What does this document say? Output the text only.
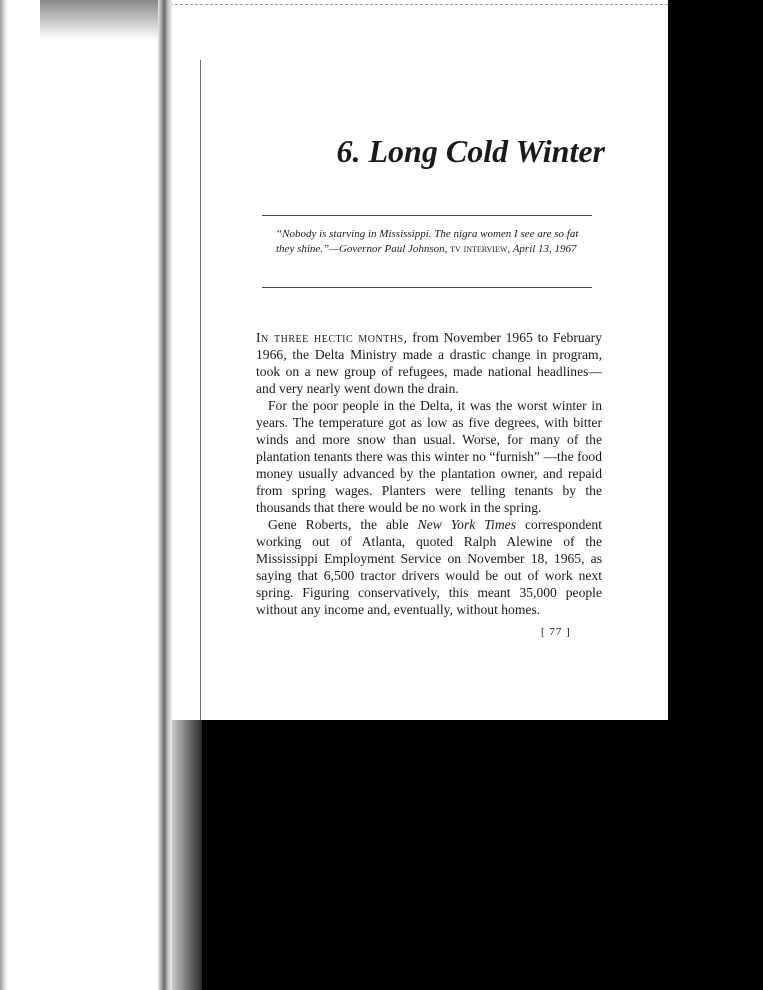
6. Long Cold Winter
“Nobody is starving in Mississippi. The nigra women I see are so fat they shine.”—Governor Paul Johnson, tv interview, April 13, 1967

In three hectic months, from November 1965 to February 1966, the Delta Ministry made a drastic change in program, took on a new group of refugees, made national headlines—and very nearly went down the drain.

For the poor people in the Delta, it was the worst winter in years. The temperature got as low as five degrees, with bitter winds and more snow than usual. Worse, for many of the plantation tenants there was this winter no “furnish” —the food money usually advanced by the plantation owner, and repaid from spring wages. Planters were telling tenants by the thousands that there would be no work in the spring.

Gene Roberts, the able New York Times correspondent working out of Atlanta, quoted Ralph Alewine of the Mississippi Employment Service on November 18, 1965, as saying that 6,500 tractor drivers would be out of work next spring. Figuring conservatively, this meant 35,000 people without any income and, eventually, without homes.

[ 77 ]
